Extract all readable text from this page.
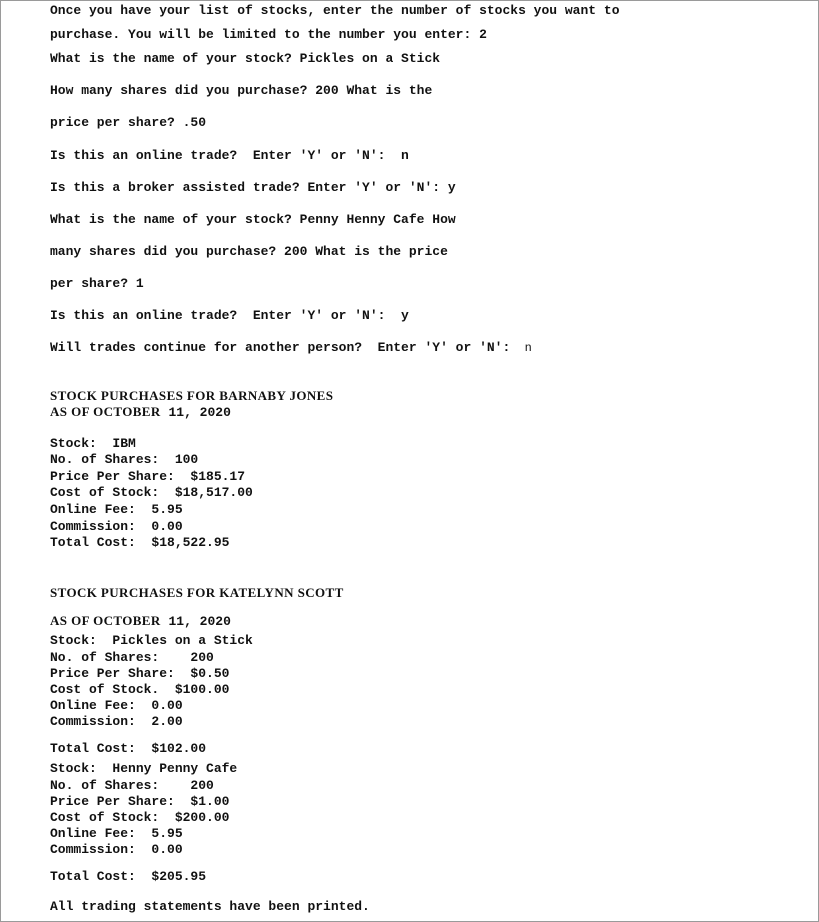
Once you have your list of stocks, enter the number of stocks you want to
purchase. You will be limited to the number you enter: 2
What is the name of your stock? Pickles on a Stick
How many shares did you purchase? 200 What is the
price per share? .50
Is this an online trade?  Enter 'Y' or 'N':  n
Is this a broker assisted trade? Enter 'Y' or 'N': y
What is the name of your stock? Penny Henny Cafe How
many shares did you purchase? 200 What is the price
per share? 1
Is this an online trade?  Enter 'Y' or 'N':  y
Will trades continue for another person?  Enter 'Y' or 'N':  n
STOCK PURCHASES FOR BARNABY JONES
AS OF OCTOBER 11, 2020
Stock:  IBM
No. of Shares:  100
Price Per Share:  $185.17
Cost of Stock:  $18,517.00
Online Fee:  5.95
Commission:  0.00
Total Cost:  $18,522.95
STOCK PURCHASES FOR KATELYNN SCOTT
AS OF OCTOBER 11, 2020
Stock:  Pickles on a Stick
No. of Shares:    200
Price Per Share:  $0.50
Cost of Stock.  $100.00
Online Fee:  0.00
Commission:  2.00
Total Cost:  $102.00
Stock:  Henny Penny Cafe
No. of Shares:    200
Price Per Share:  $1.00
Cost of Stock:  $200.00
Online Fee:  5.95
Commission:  0.00
Total Cost:  $205.95
All trading statements have been printed.
